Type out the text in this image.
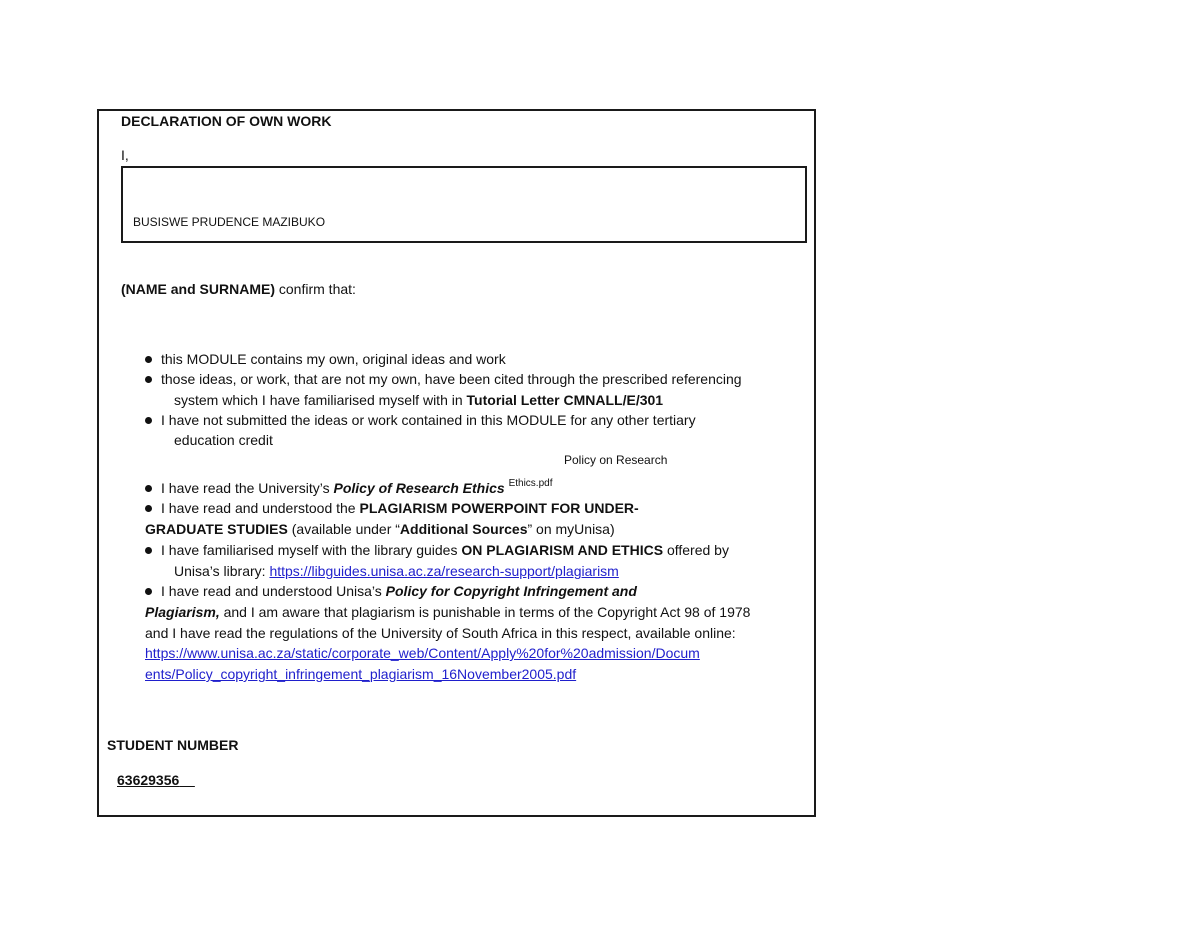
DECLARATION OF OWN WORK
I,
BUSISWE PRUDENCE MAZIBUKO
(NAME and SURNAME) confirm that:
this MODULE contains my own, original ideas and work
those ideas, or work, that are not my own, have been cited through the prescribed referencing
system which I have familiarised myself with in Tutorial Letter CMNALL/E/301
I have not submitted the ideas or work contained in this MODULE for any other tertiary
education credit
Policy on Research
I have read the University’s Policy of Research Ethics $^{Ethics.pdf}$
I have read and understood the PLAGIARISM POWERPOINT FOR UNDER-
GRADUATE STUDIES (available under “Additional Sources” on myUnisa)
I have familiarised myself with the library guides ON PLAGIARISM AND ETHICS offered by
Unisa’s library: https://libguides.unisa.ac.za/research-support/plagiarism
I have read and understood Unisa’s Policy for Copyright Infringement and
Plagiarism, and I am aware that plagiarism is punishable in terms of the Copyright Act 98 of 1978
and I have read the regulations of the University of South Africa in this respect, available online:
https://www.unisa.ac.za/static/corporate_web/Content/Apply%20for%20admission/Docum
ents/Policy_copyright_infringement_plagiarism_16November2005.pdf
STUDENT NUMBER
63629356
